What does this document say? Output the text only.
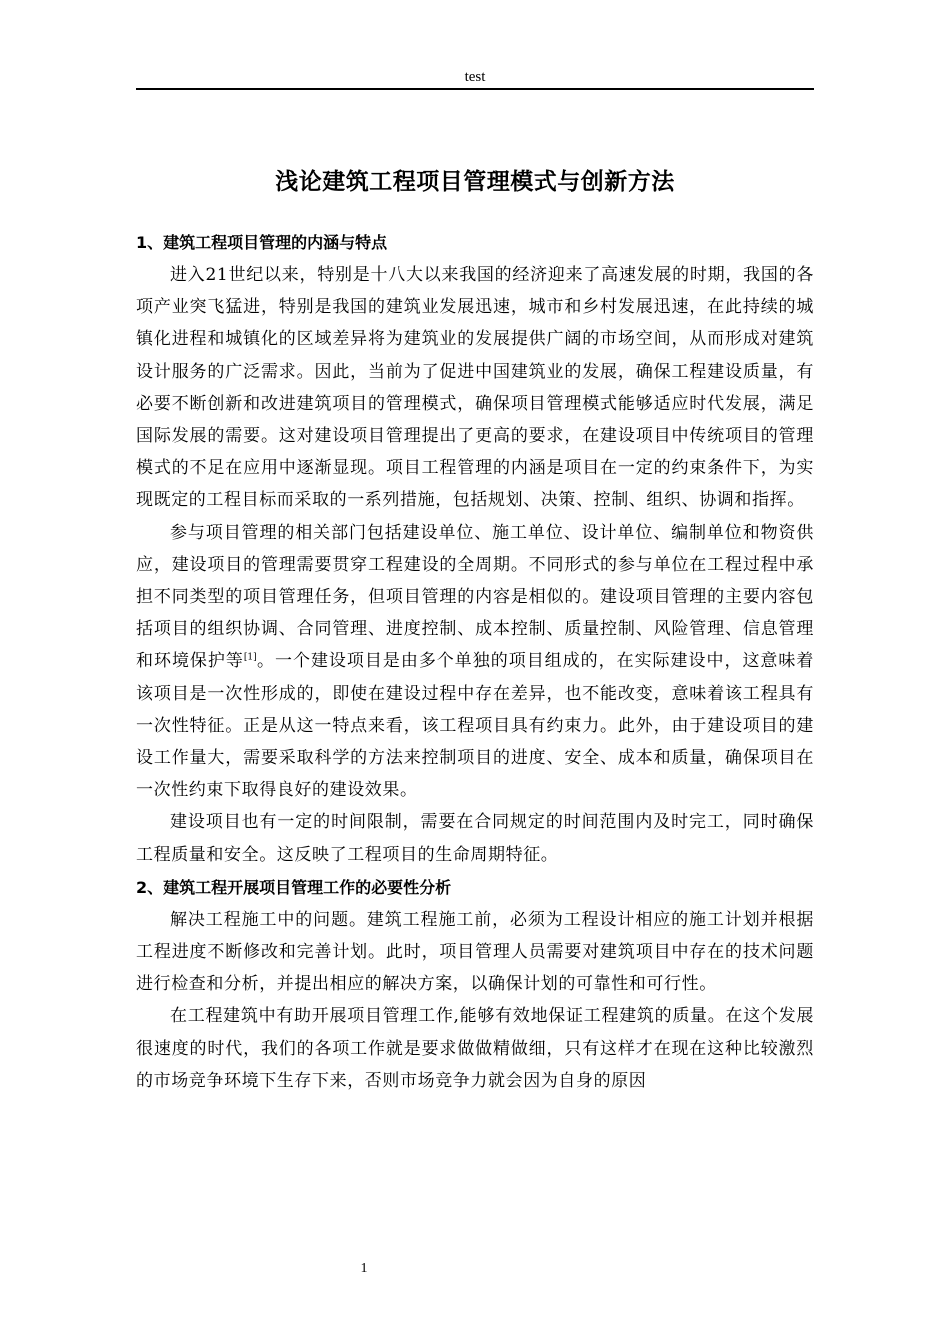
test
浅论建筑工程项目管理模式与创新方法
1、建筑工程项目管理的内涵与特点

进入21世纪以来，特别是十八大以来我国的经济迎来了高速发展的时期，我国的各项产业突飞猛进，特别是我国的建筑业发展迅速，城市和乡村发展迅速，在此持续的城镇化进程和城镇化的区域差异将为建筑业的发展提供广阔的市场空间，从而形成对建筑设计服务的广泛需求。因此，当前为了促进中国建筑业的发展，确保工程建设质量，有必要不断创新和改进建筑项目的管理模式，确保项目管理模式能够适应时代发展，满足国际发展的需要。这对建设项目管理提出了更高的要求，在建设项目中传统项目的管理模式的不足在应用中逐渐显现。项目工程管理的内涵是项目在一定的约束条件下，为实现既定的工程目标而采取的一系列措施，包括规划、决策、控制、组织、协调和指挥。

参与项目管理的相关部门包括建设单位、施工单位、设计单位、编制单位和物资供应，建设项目的管理需要贯穿工程建设的全周期。不同形式的参与单位在工程过程中承担不同类型的项目管理任务，但项目管理的内容是相似的。建设项目管理的主要内容包括项目的组织协调、合同管理、进度控制、成本控制、质量控制、风险管理、信息管理和环境保护等[1]。一个建设项目是由多个单独的项目组成的，在实际建设中，这意味着该项目是一次性形成的，即使在建设过程中存在差异，也不能改变，意味着该工程具有一次性特征。正是从这一特点来看，该工程项目具有约束力。此外，由于建设项目的建设工作量大，需要采取科学的方法来控制项目的进度、安全、成本和质量，确保项目在一次性约束下取得良好的建设效果。

建设项目也有一定的时间限制，需要在合同规定的时间范围内及时完工，同时确保工程质量和安全。这反映了工程项目的生命周期特征。

2、建筑工程开展项目管理工作的必要性分析

解决工程施工中的问题。建筑工程施工前，必须为工程设计相应的施工计划并根据工程进度不断修改和完善计划。此时，项目管理人员需要对建筑项目中存在的技术问题进行检查和分析，并提出相应的解决方案，以确保计划的可靠性和可行性。

在工程建筑中有助开展项目管理工作,能够有效地保证工程建筑的质量。在这个发展很速度的时代，我们的各项工作就是要求做做精做细，只有这样才在现在这种比较激烈的市场竞争环境下生存下来，否则市场竞争力就会因为自身的原因

1
